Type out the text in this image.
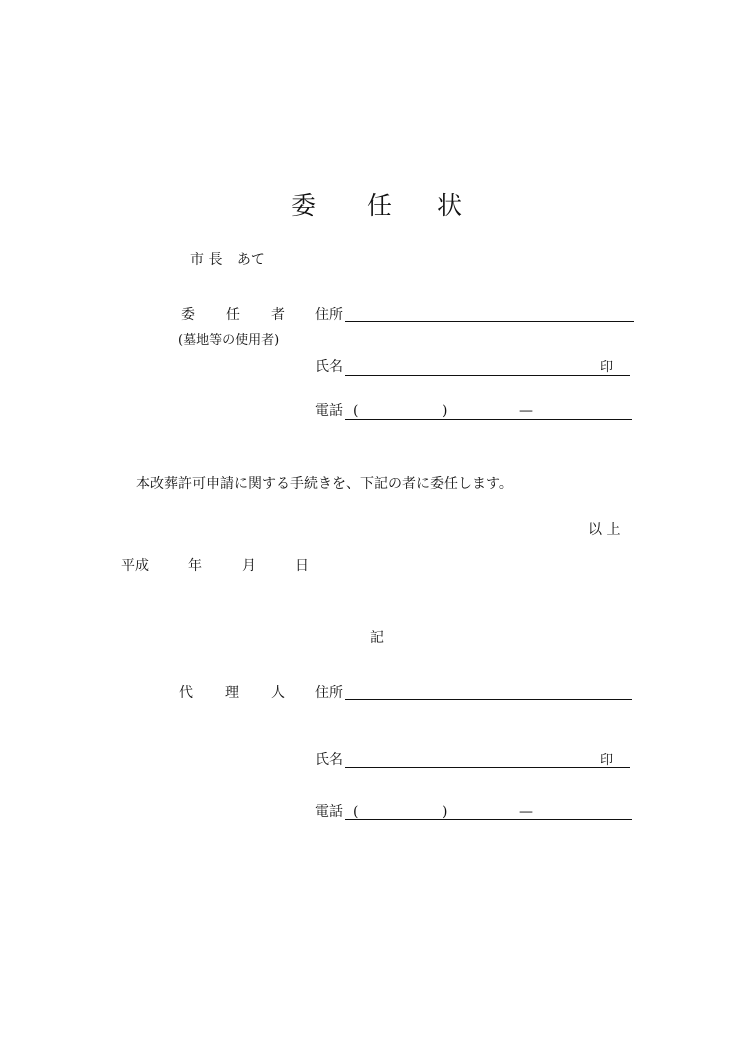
委 任 状
市 長 あて
委 任 者
(墓地等の使用者)
住所
氏名	印
電話 (	)	—
本改葬許可申請に関する手続きを、下記の者に委任します。
以 上
平成	年	月	日
記
代 理 人 住所
氏名	印
電話 (	)	—
